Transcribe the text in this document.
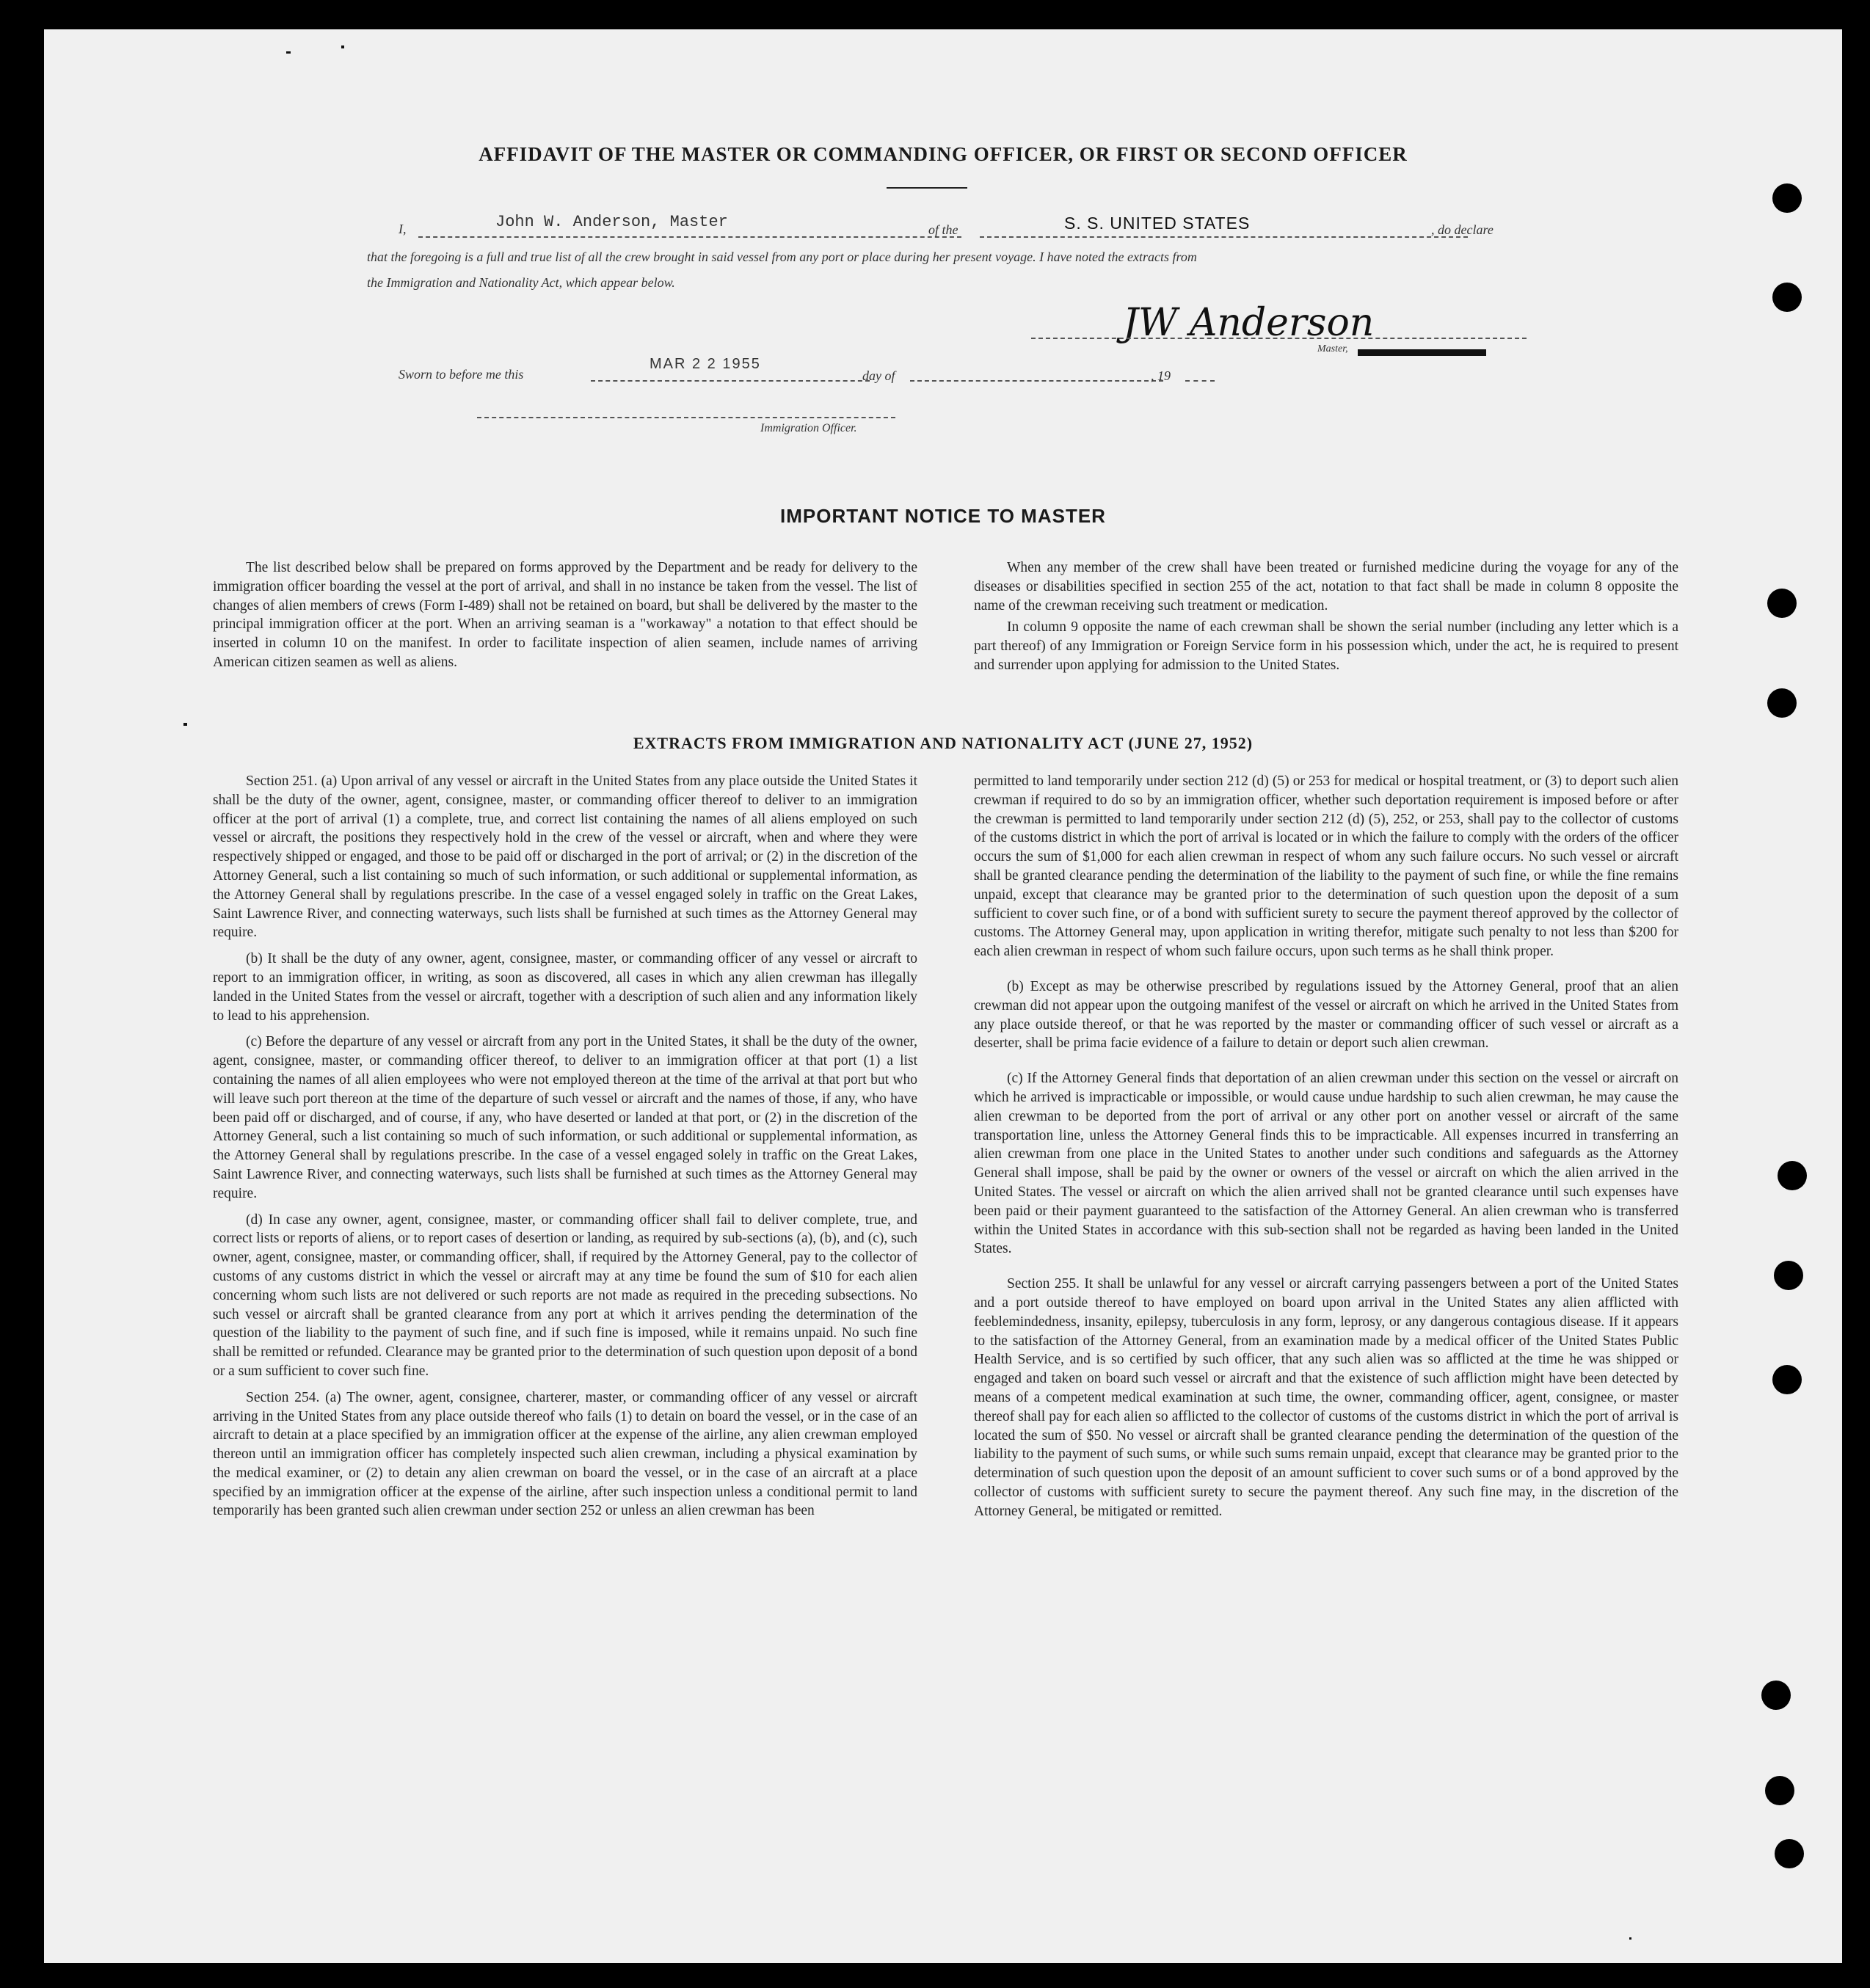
AFFIDAVIT OF THE MASTER OR COMMANDING OFFICER, OR FIRST OR SECOND OFFICER
I,	John W. Anderson, Master	of the	S. S. UNITED STATES	, do declare
that the foregoing is a full and true list of all the crew brought in said vessel from any port or place during her present voyage. I have noted the extracts from
the Immigration and Nationality Act, which appear below.
JW Anderson
Master,
Sworn to before me this
MAR 2 2 1955
day of	, 19
Immigration Officer.
IMPORTANT NOTICE TO MASTER

The list described below shall be prepared on forms approved by the Department and be ready for delivery to the immigration officer boarding the vessel at the port of arrival, and shall in no instance be taken from the vessel. The list of changes of alien members of crews (Form I-489) shall not be retained on board, but shall be delivered by the master to the principal immigration officer at the port. When an arriving seaman is a "workaway" a notation to that effect should be inserted in column 10 on the manifest. In order to facilitate inspection of alien seamen, include names of arriving American citizen seamen as well as aliens.

When any member of the crew shall have been treated or furnished medicine during the voyage for any of the diseases or disabilities specified in section 255 of the act, notation to that fact shall be made in column 8 opposite the name of the crewman receiving such treatment or medication.

In column 9 opposite the name of each crewman shall be shown the serial number (including any letter which is a part thereof) of any Immigration or Foreign Service form in his possession which, under the act, he is required to present and surrender upon applying for admission to the United States.

EXTRACTS FROM IMMIGRATION AND NATIONALITY ACT (JUNE 27, 1952)

Section 251. (a) Upon arrival of any vessel or aircraft in the United States from any place outside the United States it shall be the duty of the owner, agent, consignee, master, or commanding officer thereof to deliver to an immigration officer at the port of arrival (1) a complete, true, and correct list containing the names of all aliens employed on such vessel or aircraft, the positions they respectively hold in the crew of the vessel or aircraft, when and where they were respectively shipped or engaged, and those to be paid off or discharged in the port of arrival; or (2) in the discretion of the Attorney General, such a list containing so much of such information, or such additional or supplemental information, as the Attorney General shall by regulations prescribe. In the case of a vessel engaged solely in traffic on the Great Lakes, Saint Lawrence River, and connecting waterways, such lists shall be furnished at such times as the Attorney General may require.

(b) It shall be the duty of any owner, agent, consignee, master, or commanding officer of any vessel or aircraft to report to an immigration officer, in writing, as soon as discovered, all cases in which any alien crewman has illegally landed in the United States from the vessel or aircraft, together with a description of such alien and any information likely to lead to his apprehension.

(c) Before the departure of any vessel or aircraft from any port in the United States, it shall be the duty of the owner, agent, consignee, master, or commanding officer thereof, to deliver to an immigration officer at that port (1) a list containing the names of all alien employees who were not employed thereon at the time of the arrival at that port but who will leave such port thereon at the time of the departure of such vessel or aircraft and the names of those, if any, who have been paid off or discharged, and of course, if any, who have deserted or landed at that port, or (2) in the discretion of the Attorney General, such a list containing so much of such information, or such additional or supplemental information, as the Attorney General shall by regulations prescribe. In the case of a vessel engaged solely in traffic on the Great Lakes, Saint Lawrence River, and connecting waterways, such lists shall be furnished at such times as the Attorney General may require.

(d) In case any owner, agent, consignee, master, or commanding officer shall fail to deliver complete, true, and correct lists or reports of aliens, or to report cases of desertion or landing, as required by sub-sections (a), (b), and (c), such owner, agent, consignee, master, or commanding officer, shall, if required by the Attorney General, pay to the collector of customs of any customs district in which the vessel or aircraft may at any time be found the sum of $10 for each alien concerning whom such lists are not delivered or such reports are not made as required in the preceding subsections. No such vessel or aircraft shall be granted clearance from any port at which it arrives pending the determination of the question of the liability to the payment of such fine, and if such fine is imposed, while it remains unpaid. No such fine shall be remitted or refunded. Clearance may be granted prior to the determination of such question upon deposit of a bond or a sum sufficient to cover such fine.

Section 254. (a) The owner, agent, consignee, charterer, master, or commanding officer of any vessel or aircraft arriving in the United States from any place outside thereof who fails (1) to detain on board the vessel, or in the case of an aircraft to detain at a place specified by an immigration officer at the expense of the airline, any alien crewman employed thereon until an immigration officer has completely inspected such alien crewman, including a physical examination by the medical examiner, or (2) to detain any alien crewman on board the vessel, or in the case of an aircraft at a place specified by an immigration officer at the expense of the airline, after such inspection unless a conditional permit to land temporarily has been granted such alien crewman under section 252 or unless an alien crewman has been

permitted to land temporarily under section 212 (d) (5) or 253 for medical or hospital treatment, or (3) to deport such alien crewman if required to do so by an immigration officer, whether such deportation requirement is imposed before or after the crewman is permitted to land temporarily under section 212 (d) (5), 252, or 253, shall pay to the collector of customs of the customs district in which the port of arrival is located or in which the failure to comply with the orders of the officer occurs the sum of $1,000 for each alien crewman in respect of whom any such failure occurs. No such vessel or aircraft shall be granted clearance pending the determination of the liability to the payment of such fine, or while the fine remains unpaid, except that clearance may be granted prior to the determination of such question upon the deposit of a sum sufficient to cover such fine, or of a bond with sufficient surety to secure the payment thereof approved by the collector of customs. The Attorney General may, upon application in writing therefor, mitigate such penalty to not less than $200 for each alien crewman in respect of whom such failure occurs, upon such terms as he shall think proper.

(b) Except as may be otherwise prescribed by regulations issued by the Attorney General, proof that an alien crewman did not appear upon the outgoing manifest of the vessel or aircraft on which he arrived in the United States from any place outside thereof, or that he was reported by the master or commanding officer of such vessel or aircraft as a deserter, shall be prima facie evidence of a failure to detain or deport such alien crewman.

(c) If the Attorney General finds that deportation of an alien crewman under this section on the vessel or aircraft on which he arrived is impracticable or impossible, or would cause undue hardship to such alien crewman, he may cause the alien crewman to be deported from the port of arrival or any other port on another vessel or aircraft of the same transportation line, unless the Attorney General finds this to be impracticable. All expenses incurred in transferring an alien crewman from one place in the United States to another under such conditions and safeguards as the Attorney General shall impose, shall be paid by the owner or owners of the vessel or aircraft on which the alien arrived in the United States. The vessel or aircraft on which the alien arrived shall not be granted clearance until such expenses have been paid or their payment guaranteed to the satisfaction of the Attorney General. An alien crewman who is transferred within the United States in accordance with this sub-section shall not be regarded as having been landed in the United States.

Section 255. It shall be unlawful for any vessel or aircraft carrying passengers between a port of the United States and a port outside thereof to have employed on board upon arrival in the United States any alien afflicted with feeblemindedness, insanity, epilepsy, tuberculosis in any form, leprosy, or any dangerous contagious disease. If it appears to the satisfaction of the Attorney General, from an examination made by a medical officer of the United States Public Health Service, and is so certified by such officer, that any such alien was so afflicted at the time he was shipped or engaged and taken on board such vessel or aircraft and that the existence of such affliction might have been detected by means of a competent medical examination at such time, the owner, commanding officer, agent, consignee, or master thereof shall pay for each alien so afflicted to the collector of customs of the customs district in which the port of arrival is located the sum of $50. No vessel or aircraft shall be granted clearance pending the determination of the question of the liability to the payment of such sums, or while such sums remain unpaid, except that clearance may be granted prior to the determination of such question upon the deposit of an amount sufficient to cover such sums or of a bond approved by the collector of customs with sufficient surety to secure the payment thereof. Any such fine may, in the discretion of the Attorney General, be mitigated or remitted.
